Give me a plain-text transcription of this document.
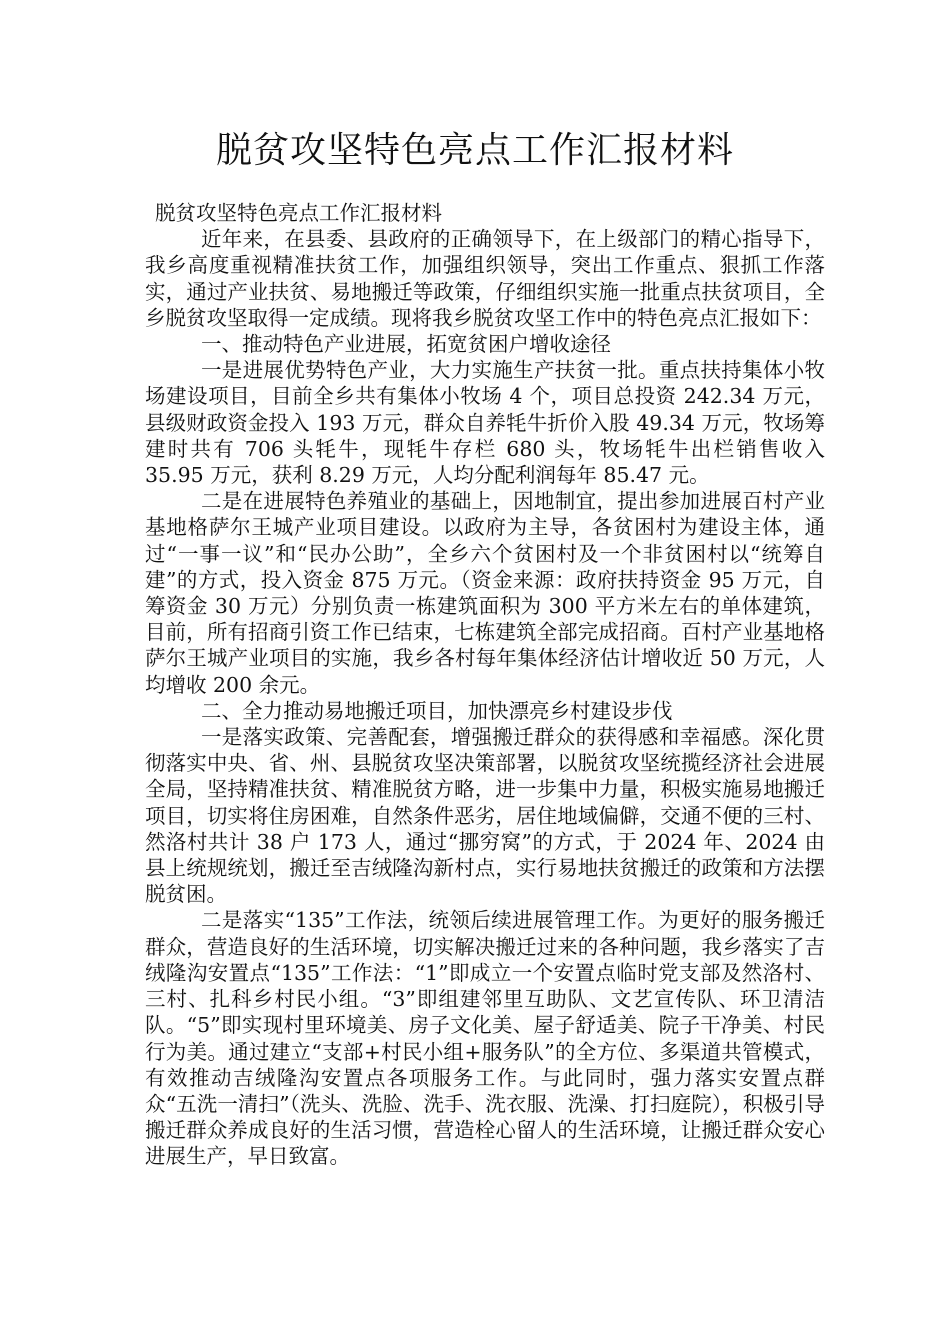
脱贫攻坚特色亮点工作汇报材料

脱贫攻坚特色亮点工作汇报材料

近年来，在县委、县政府的正确领导下，在上级部门的精心指导下，我乡高度重视精准扶贫工作，加强组织领导，突出工作重点、狠抓工作落实，通过产业扶贫、易地搬迁等政策，仔细组织实施一批重点扶贫项目，全乡脱贫攻坚取得一定成绩。现将我乡脱贫攻坚工作中的特色亮点汇报如下：

一、推动特色产业进展，拓宽贫困户增收途径

一是进展优势特色产业，大力实施生产扶贫一批。重点扶持集体小牧场建设项目，目前全乡共有集体小牧场 4 个，项目总投资 242.34 万元，县级财政资金投入 193 万元，群众自养牦牛折价入股 49.34 万元，牧场筹建时共有 706 头牦牛，现牦牛存栏 680 头，牧场牦牛出栏销售收入 35.95 万元，获利 8.29 万元，人均分配利润每年 85.47 元。

二是在进展特色养殖业的基础上，因地制宜，提出参加进展百村产业基地格萨尔王城产业项目建设。以政府为主导，各贫困村为建设主体，通过“一事一议”和“民办公助”，全乡六个贫困村及一个非贫困村以“统筹自建”的方式，投入资金 875 万元。（资金来源：政府扶持资金 95 万元，自筹资金 30 万元）分别负责一栋建筑面积为 300 平方米左右的单体建筑，目前，所有招商引资工作已结束，七栋建筑全部完成招商。百村产业基地格萨尔王城产业项目的实施，我乡各村每年集体经济估计增收近 50 万元，人均增收 200 余元。

二、全力推动易地搬迁项目，加快漂亮乡村建设步伐

一是落实政策、完善配套，增强搬迁群众的获得感和幸福感。深化贯彻落实中央、省、州、县脱贫攻坚决策部署，以脱贫攻坚统揽经济社会进展全局，坚持精准扶贫、精准脱贫方略，进一步集中力量，积极实施易地搬迁项目，切实将住房困难，自然条件恶劣，居住地域偏僻，交通不便的三村、然洛村共计 38 户 173 人，通过“挪穷窝”的方式，于 2024 年、2024 由县上统规统划，搬迁至吉绒隆沟新村点，实行易地扶贫搬迁的政策和方法摆脱贫困。

二是落实“135”工作法，统领后续进展管理工作。为更好的服务搬迁群众，营造良好的生活环境，切实解决搬迁过来的各种问题，我乡落实了吉绒隆沟安置点“135”工作法：“1”即成立一个安置点临时党支部及然洛村、三村、扎科乡村民小组。“3”即组建邻里互助队、文艺宣传队、环卫清洁队。“5”即实现村里环境美、房子文化美、屋子舒适美、院子干净美、村民行为美。通过建立“支部+村民小组+服务队”的全方位、多渠道共管模式，有效推动吉绒隆沟安置点各项服务工作。与此同时，强力落实安置点群众“五洗一清扫”（洗头、洗脸、洗手、洗衣服、洗澡、打扫庭院），积极引导搬迁群众养成良好的生活习惯，营造栓心留人的生活环境，让搬迁群众安心进展生产，早日致富。
